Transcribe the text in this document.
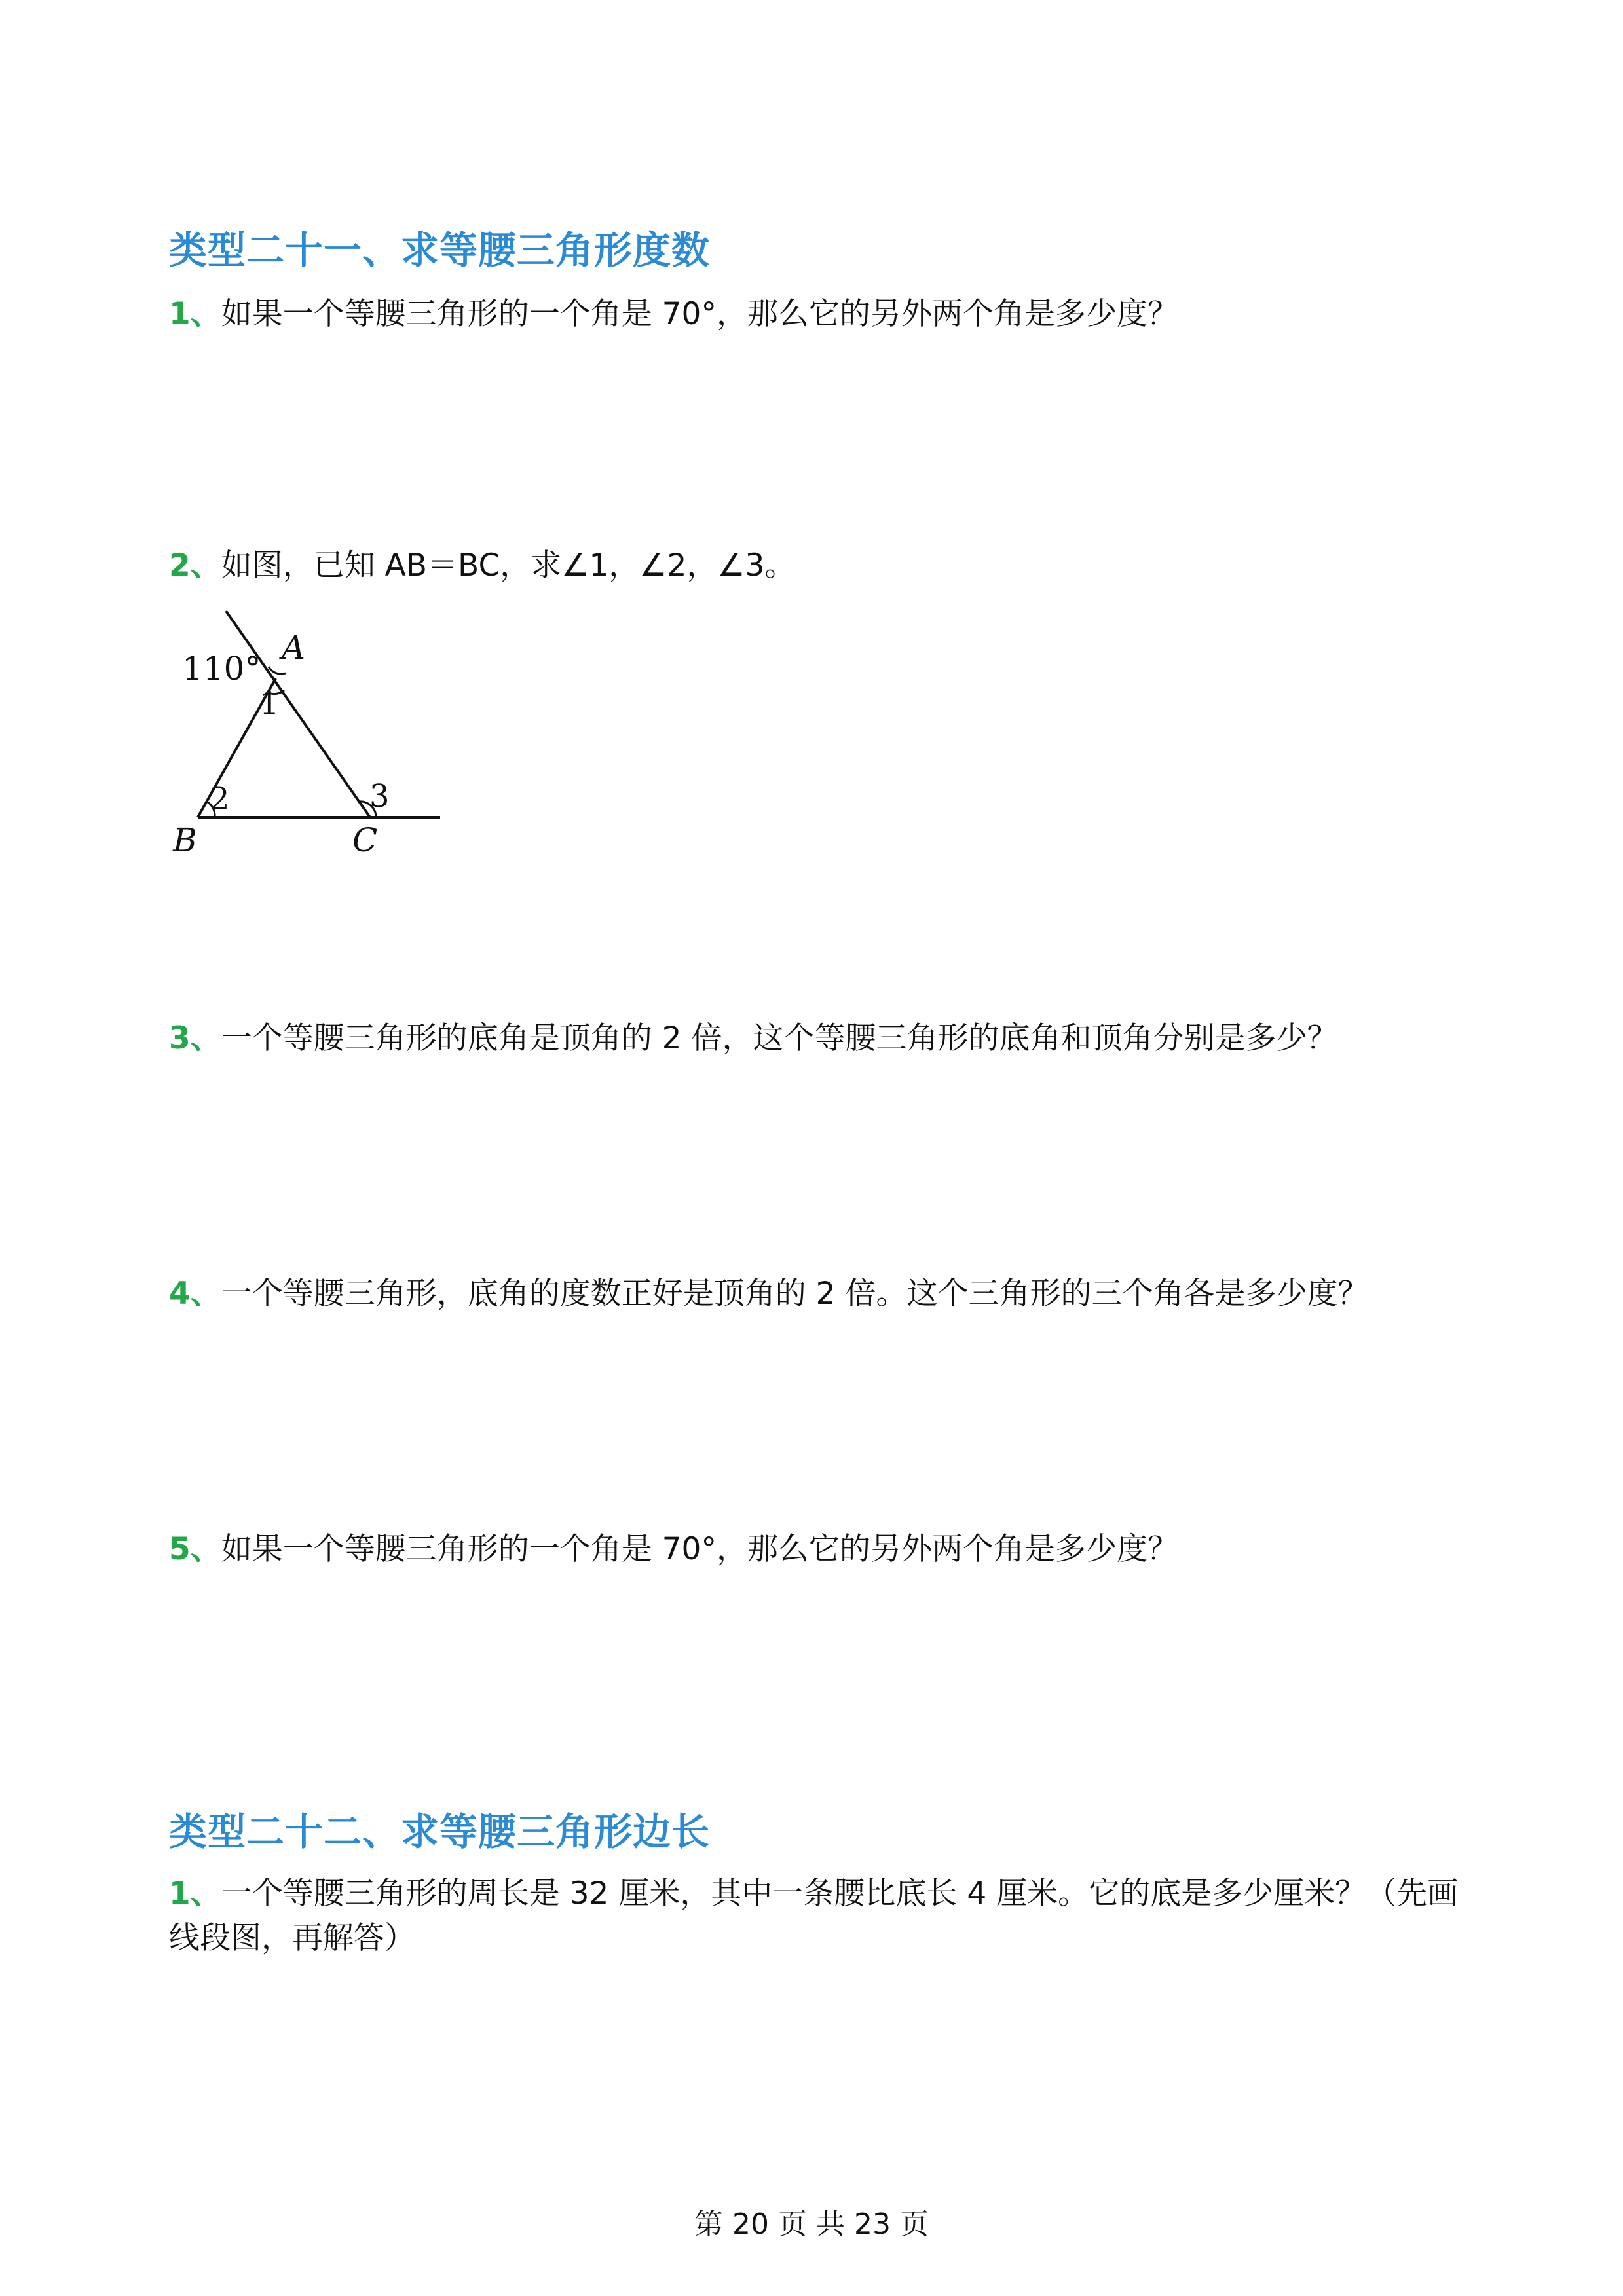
类型二十一、求等腰三角形度数
1、如果一个等腰三角形的一个角是 70°，那么它的另外两个角是多少度？
2、如图，已知 AB＝BC，求∠1，∠2，∠3。
110°
A
1
2	3
B	C
3、一个等腰三角形的底角是顶角的 2 倍，这个等腰三角形的底角和顶角分别是多少？
4、一个等腰三角形，底角的度数正好是顶角的 2 倍。这个三角形的三个角各是多少度？
5、如果一个等腰三角形的一个角是 70°，那么它的另外两个角是多少度？
类型二十二、求等腰三角形边长
1、一个等腰三角形的周长是 32 厘米，其中一条腰比底长 4 厘米。它的底是多少厘米？（先画线段图，再解答）
第 20 页 共 23 页
